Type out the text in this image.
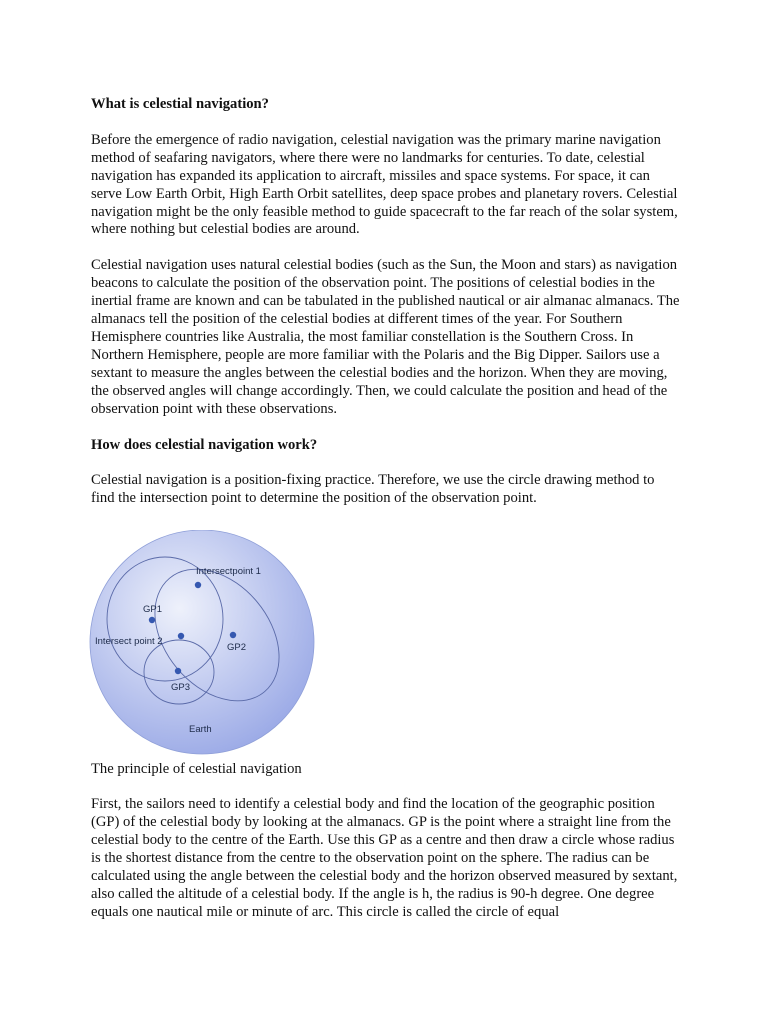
What is celestial navigation?

Before the emergence of radio navigation, celestial navigation was the primary marine navigation method of seafaring navigators, where there were no landmarks for centuries. To date, celestial navigation has expanded its application to aircraft, missiles and space systems. For space, it can serve Low Earth Orbit, High Earth Orbit satellites, deep space probes and planetary rovers. Celestial navigation might be the only feasible method to guide spacecraft to the far reach of the solar system, where nothing but celestial bodies are around.

Celestial navigation uses natural celestial bodies (such as the Sun, the Moon and stars) as navigation beacons to calculate the position of the observation point. The positions of celestial bodies in the inertial frame are known and can be tabulated in the published nautical or air almanac almanacs. The almanacs tell the position of the celestial bodies at different times of the year. For Southern Hemisphere countries like Australia, the most familiar constellation is the Southern Cross. In Northern Hemisphere, people are more familiar with the Polaris and the Big Dipper. Sailors use a sextant to measure the angles between the celestial bodies and the horizon. When they are moving, the observed angles will change accordingly. Then, we could calculate the position and head of the observation point with these observations.

How does celestial navigation work?

Celestial navigation is a position-fixing practice. Therefore, we use the circle drawing method to find the intersection point to determine the position of the observation point.

Intersectpoint 1
Intersect point 2
GP1
GP2
GP3
Earth

The principle of celestial navigation

First, the sailors need to identify a celestial body and find the location of the geographic position (GP) of the celestial body by looking at the almanacs. GP is the point where a straight line from the celestial body to the centre of the Earth. Use this GP as a centre and then draw a circle whose radius is the shortest distance from the centre to the observation point on the sphere. The radius can be calculated using the angle between the celestial body and the horizon observed measured by sextant, also called the altitude of a celestial body. If the angle is h, the radius is 90-h degree. One degree equals one nautical mile or minute of arc. This circle is called the circle of equal
